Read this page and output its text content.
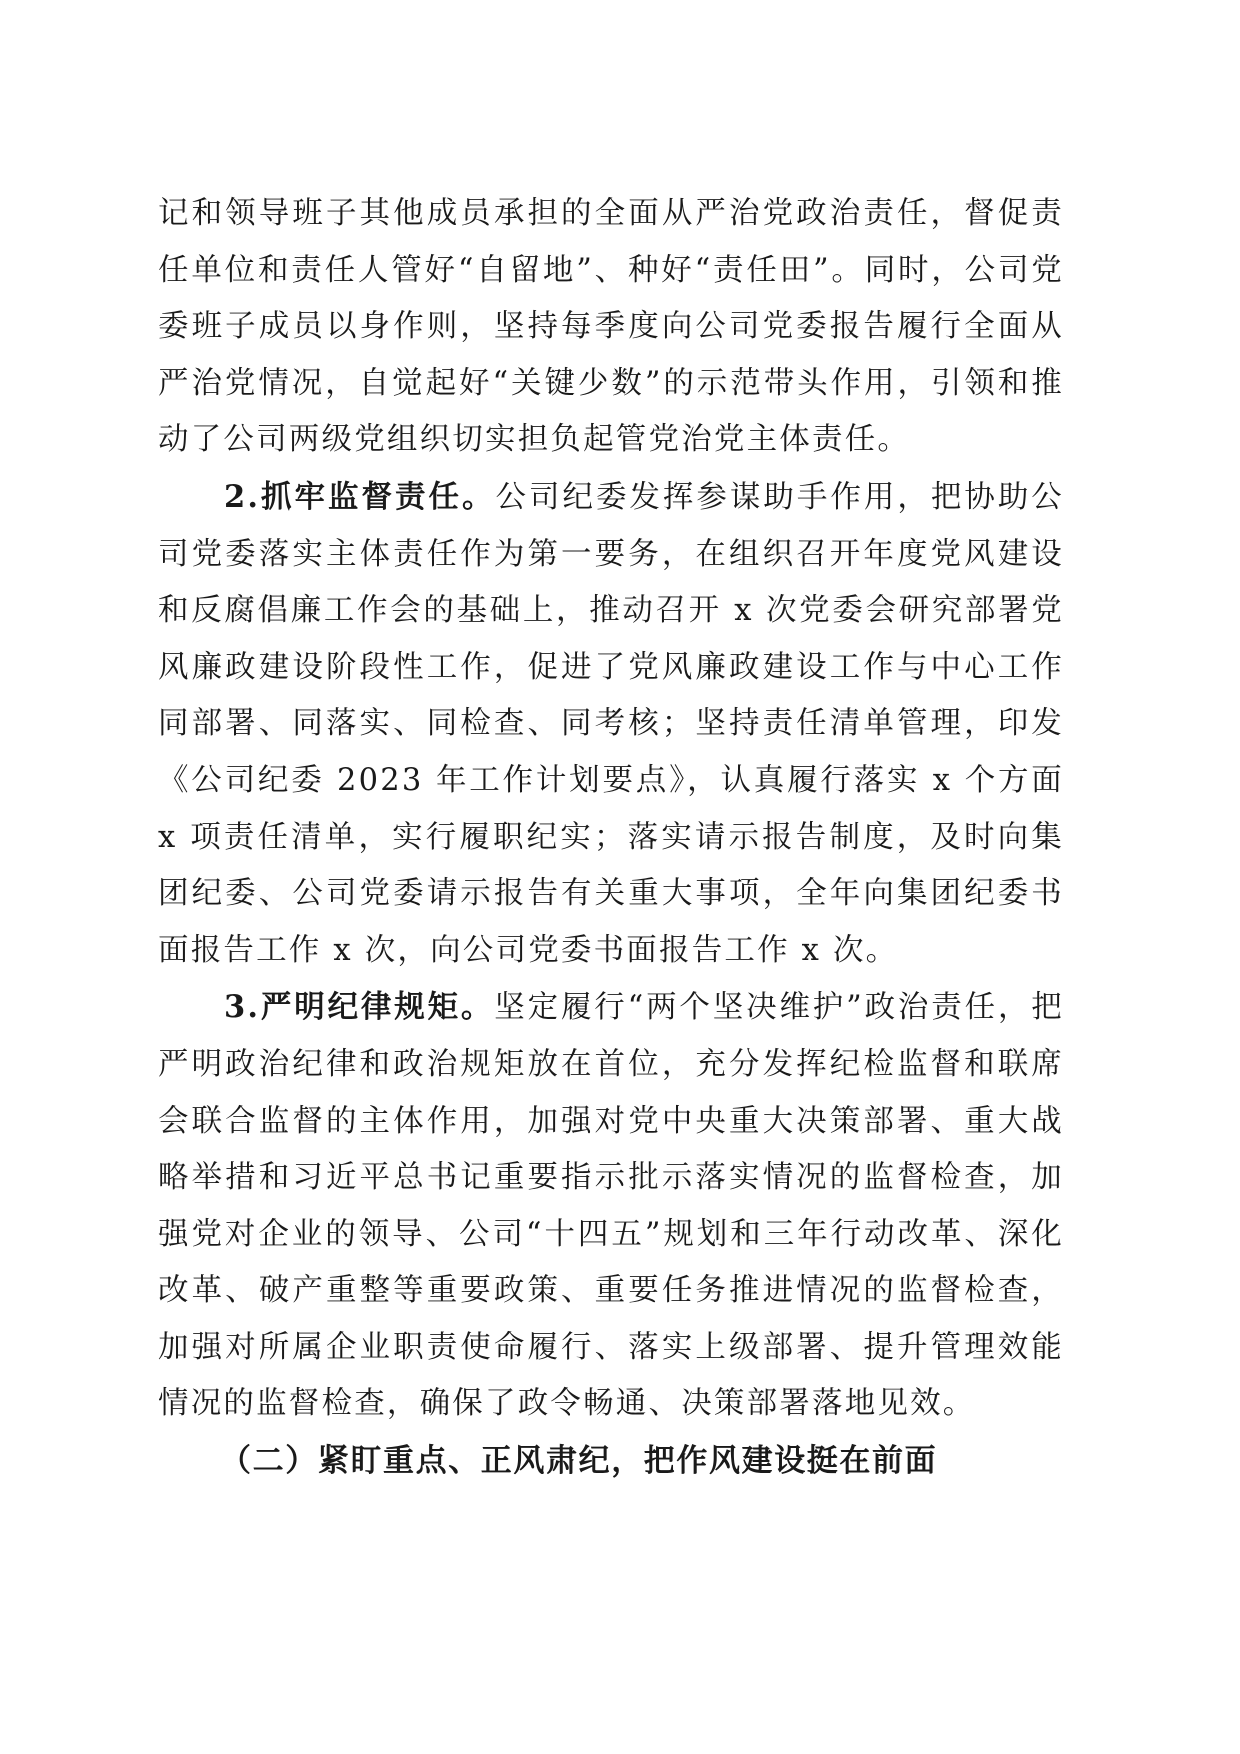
记和领导班子其他成员承担的全面从严治党政治责任，督促责任单位和责任人管好“自留地”、种好“责任田”。同时，公司党委班子成员以身作则，坚持每季度向公司党委报告履行全面从严治党情况，自觉起好“关键少数”的示范带头作用，引领和推动了公司两级党组织切实担负起管党治党主体责任。

2.抓牢监督责任。公司纪委发挥参谋助手作用，把协助公司党委落实主体责任作为第一要务，在组织召开年度党风建设和反腐倡廉工作会的基础上，推动召开 x 次党委会研究部署党风廉政建设阶段性工作，促进了党风廉政建设工作与中心工作同部署、同落实、同检查、同考核；坚持责任清单管理，印发《公司纪委 2023 年工作计划要点》，认真履行落实 x 个方面 x 项责任清单，实行履职纪实；落实请示报告制度，及时向集团纪委、公司党委请示报告有关重大事项，全年向集团纪委书面报告工作 x 次，向公司党委书面报告工作 x 次。

3.严明纪律规矩。坚定履行“两个坚决维护”政治责任，把严明政治纪律和政治规矩放在首位，充分发挥纪检监督和联席会联合监督的主体作用，加强对党中央重大决策部署、重大战略举措和习近平总书记重要指示批示落实情况的监督检查，加强党对企业的领导、公司“十四五”规划和三年行动改革、深化改革、破产重整等重要政策、重要任务推进情况的监督检查，加强对所属企业职责使命履行、落实上级部署、提升管理效能情况的监督检查，确保了政令畅通、决策部署落地见效。

（二）紧盯重点、正风肃纪，把作风建设挺在前面
